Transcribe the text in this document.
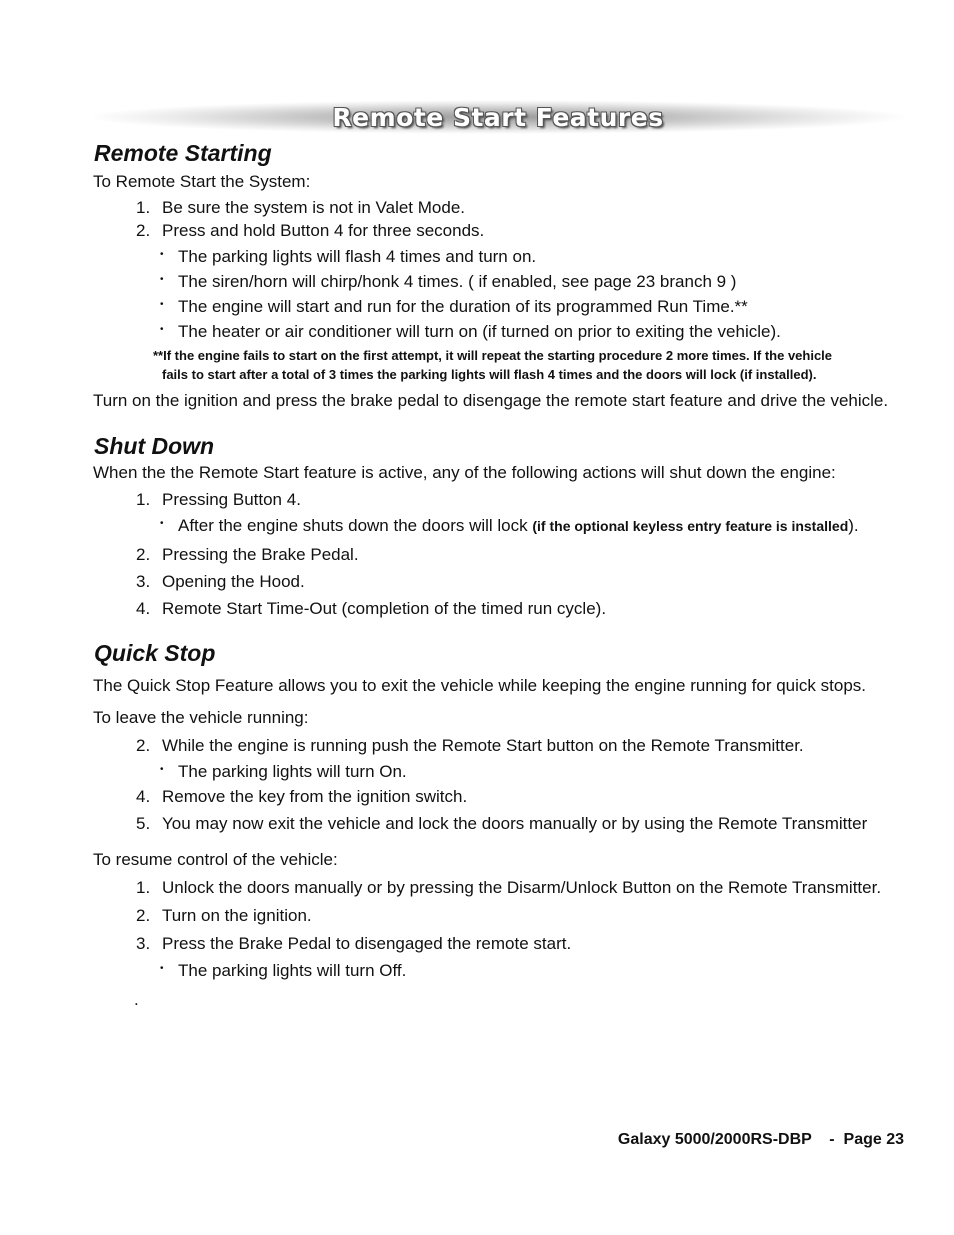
Remote Start Features
Remote Starting
To Remote Start the System:
1. Be sure the system is not in Valet Mode.
2. Press and hold Button 4 for three seconds.
• The parking lights will flash 4 times and turn on.
• The siren/horn will chirp/honk 4 times. ( if enabled, see page 23 branch 9 )
• The engine will start and run for the duration of its programmed Run Time.**
• The heater or air conditioner will turn on (if turned on prior to exiting the vehicle).
**If the engine fails to start on the first attempt, it will repeat the starting procedure 2 more times. If the vehicle
fails to start after a total of 3 times the parking lights will flash 4 times and the doors will lock (if installed).
Turn on the ignition and press the brake pedal to disengage the remote start feature and drive the vehicle.
Shut Down
When the the Remote Start feature is active, any of the following actions will shut down the engine:
1. Pressing Button 4.
• After the engine shuts down the doors will lock (if the optional keyless entry feature is installed).
2. Pressing the Brake Pedal.
3. Opening the Hood.
4. Remote Start Time-Out (completion of the timed run cycle).
Quick Stop
The Quick Stop Feature allows you to exit the vehicle while keeping the engine running for quick stops.
To leave the vehicle running:
2. While the engine is running push the Remote Start button on the Remote Transmitter.
• The parking lights will turn On.
4. Remove the key from the ignition switch.
5. You may now exit the vehicle and lock the doors manually or by using the Remote Transmitter
To resume control of the vehicle:
1. Unlock the doors manually or by pressing the Disarm/Unlock Button on the Remote Transmitter.
2. Turn on the ignition.
3. Press the Brake Pedal to disengaged the remote start.
• The parking lights will turn Off.
.
Galaxy 5000/2000RS-DBP    -  Page 23
